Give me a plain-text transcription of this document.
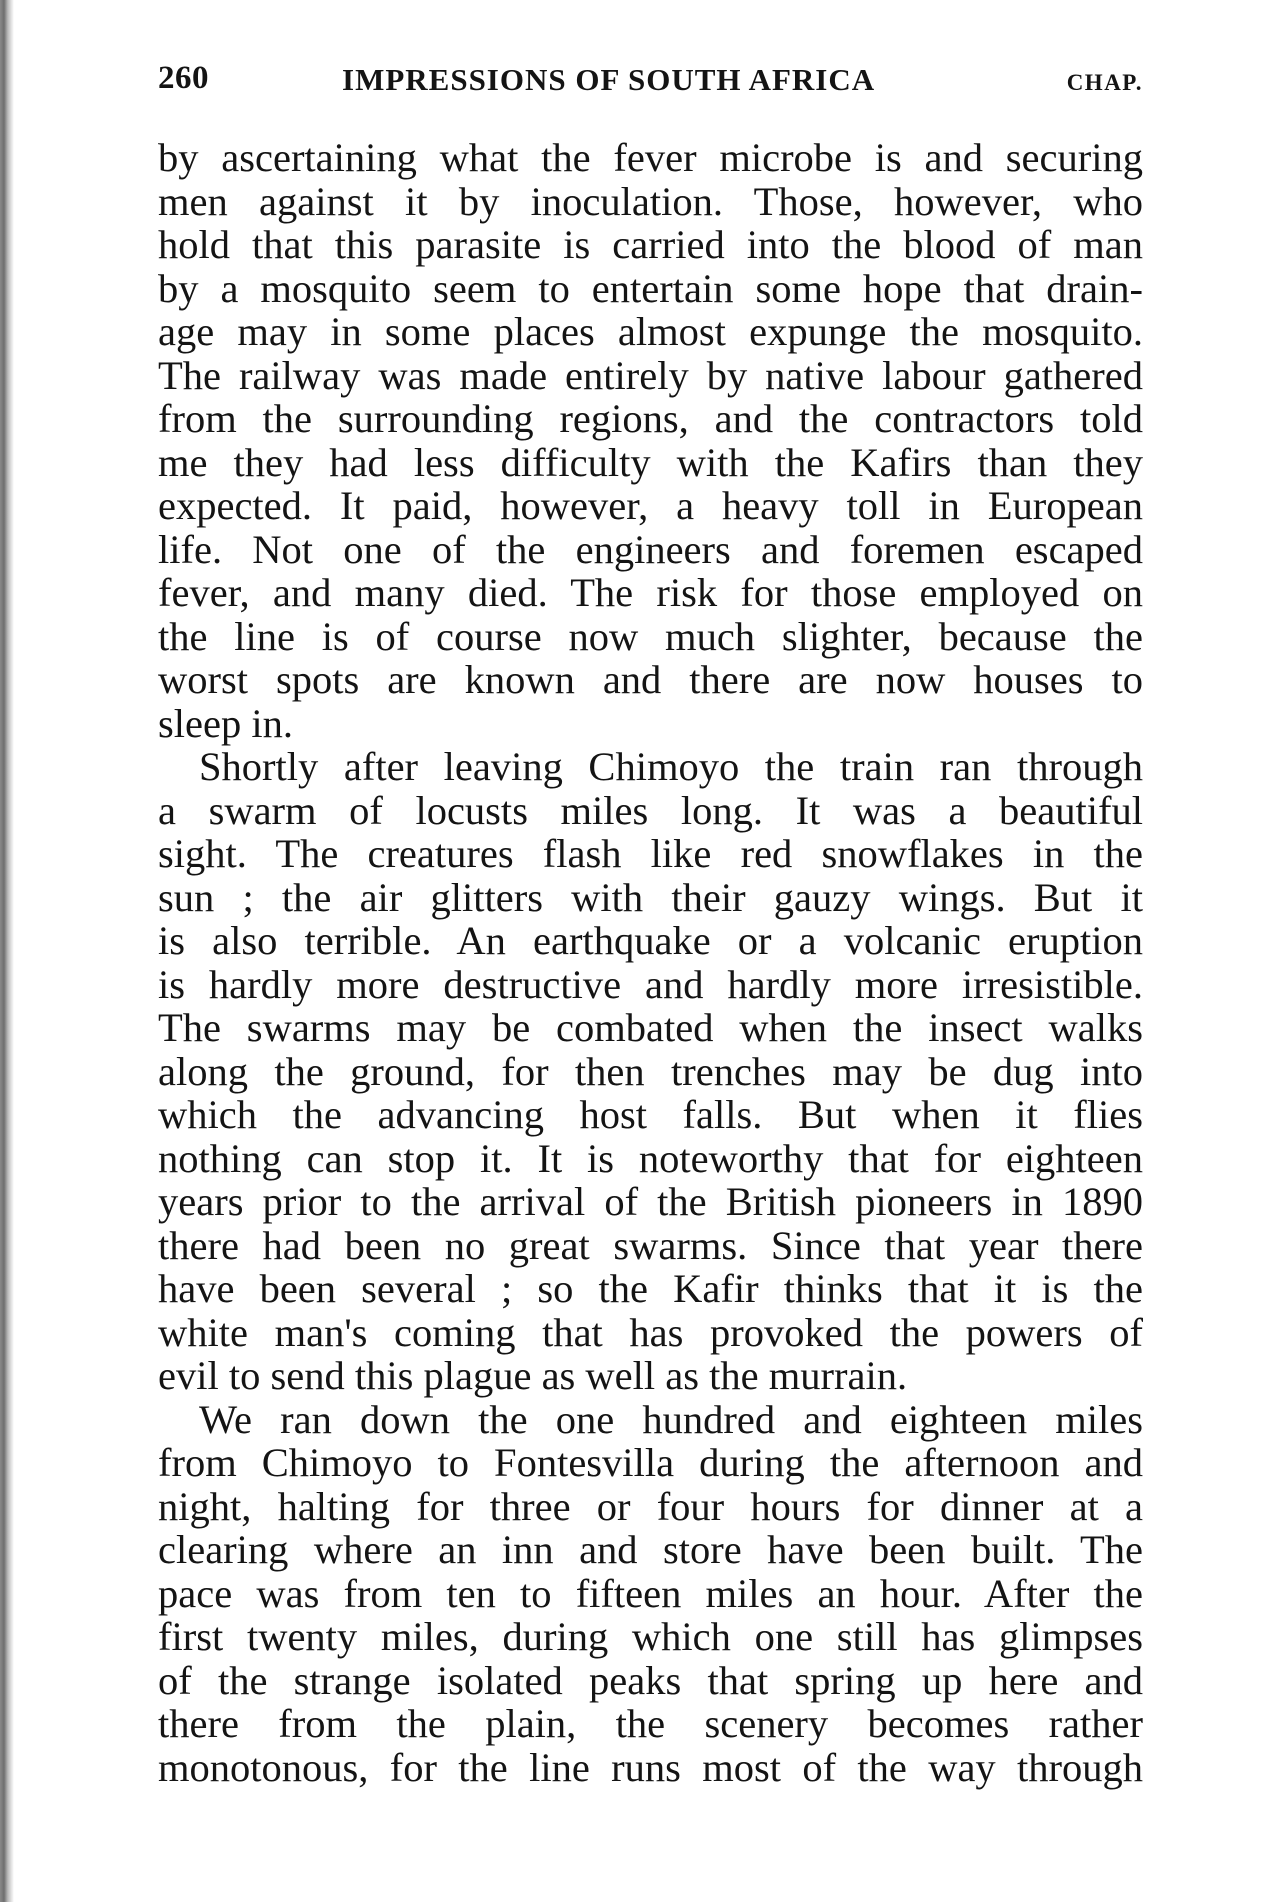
260	IMPRESSIONS OF SOUTH AFRICA	CHAP.
by ascertaining what the fever microbe is and securing
men against it by inoculation. Those, however, who
hold that this parasite is carried into the blood of man
by a mosquito seem to entertain some hope that drain-
age may in some places almost expunge the mosquito.
The railway was made entirely by native labour gathered
from the surrounding regions, and the contractors told
me they had less difficulty with the Kafirs than they
expected. It paid, however, a heavy toll in European
life. Not one of the engineers and foremen escaped
fever, and many died. The risk for those employed on
the line is of course now much slighter, because the
worst spots are known and there are now houses to
sleep in.
Shortly after leaving Chimoyo the train ran through
a swarm of locusts miles long. It was a beautiful
sight. The creatures flash like red snowflakes in the
sun ; the air glitters with their gauzy wings. But it
is also terrible. An earthquake or a volcanic eruption
is hardly more destructive and hardly more irresistible.
The swarms may be combated when the insect walks
along the ground, for then trenches may be dug into
which the advancing host falls. But when it flies
nothing can stop it. It is noteworthy that for eighteen
years prior to the arrival of the British pioneers in 1890
there had been no great swarms. Since that year there
have been several ; so the Kafir thinks that it is the
white man's coming that has provoked the powers of
evil to send this plague as well as the murrain.
We ran down the one hundred and eighteen miles
from Chimoyo to Fontesvilla during the afternoon and
night, halting for three or four hours for dinner at a
clearing where an inn and store have been built. The
pace was from ten to fifteen miles an hour. After the
first twenty miles, during which one still has glimpses
of the strange isolated peaks that spring up here and
there from the plain, the scenery becomes rather
monotonous, for the line runs most of the way through
